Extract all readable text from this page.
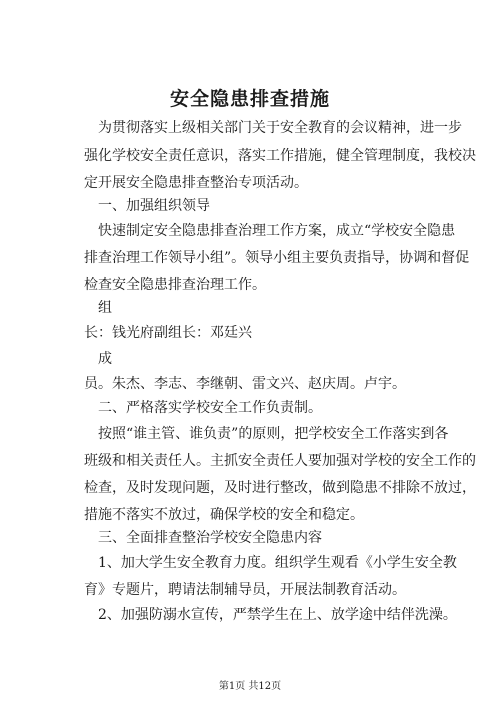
安全隐患排查措施
为贯彻落实上级相关部门关于安全教育的会议精神，进一步
强化学校安全责任意识，落实工作措施，健全管理制度，我校决
定开展安全隐患排查整治专项活动。
一、加强组织领导
快速制定安全隐患排查治理工作方案，成立“学校安全隐患
排查治理工作领导小组”。领导小组主要负责指导，协调和督促
检查安全隐患排查治理工作。
组
长：钱光府副组长：邓廷兴
成
员。朱杰、李志、李继朝、雷文兴、赵庆周。卢宇。
二、严格落实学校安全工作负责制。
按照“谁主管、谁负责”的原则，把学校安全工作落实到各
班级和相关责任人。主抓安全责任人要加强对学校的安全工作的
检查，及时发现问题，及时进行整改，做到隐患不排除不放过，
措施不落实不放过，确保学校的安全和稳定。
三、全面排查整治学校安全隐患内容
1、加大学生安全教育力度。组织学生观看《小学生安全教
育》专题片，聘请法制辅导员，开展法制教育活动。
2、加强防溺水宣传，严禁学生在上、放学途中结伴洗澡。
第1页 共12页
